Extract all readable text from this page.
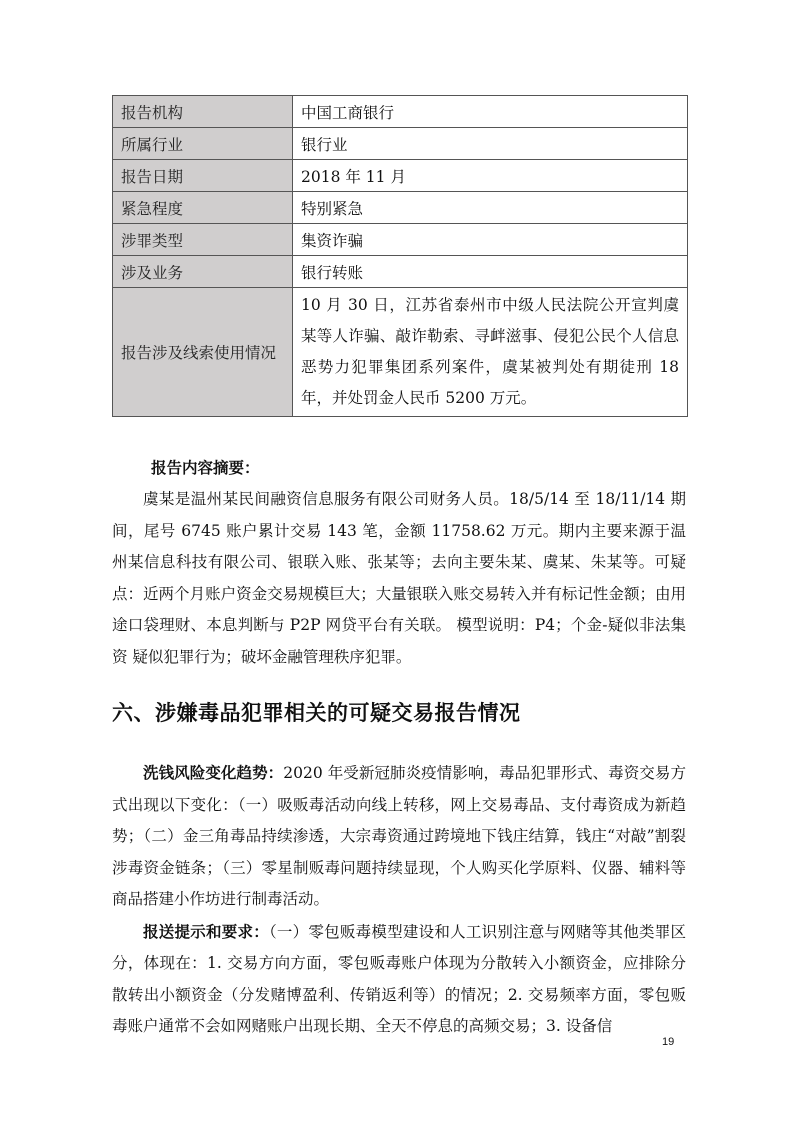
报告机构	中国工商银行
所属行业	银行业
报告日期	2018 年 11 月
紧急程度	特别紧急
涉罪类型	集资诈骗
涉及业务	银行转账
报告涉及线索使用情况	10 月 30 日，江苏省泰州市中级人民法院公开宣判虞某等人诈骗、敲诈勒索、寻衅滋事、侵犯公民个人信息恶势力犯罪集团系列案件，虞某被判处有期徒刑 18 年，并处罚金人民币 5200 万元。
报告内容摘要：

虞某是温州某民间融资信息服务有限公司财务人员。18/5/14 至 18/11/14 期间，尾号 6745 账户累计交易 143 笔，金额 11758.62 万元。期内主要来源于温州某信息科技有限公司、银联入账、张某等；去向主要朱某、虞某、朱某等。可疑点：近两个月账户资金交易规模巨大；大量银联入账交易转入并有标记性金额；由用途口袋理财、本息判断与 P2P 网贷平台有关联。 模型说明：P4；个金-疑似非法集资 疑似犯罪行为；破坏金融管理秩序犯罪。

六、涉嫌毒品犯罪相关的可疑交易报告情况

洗钱风险变化趋势：2020 年受新冠肺炎疫情影响，毒品犯罪形式、毒资交易方式出现以下变化：（一）吸贩毒活动向线上转移，网上交易毒品、支付毒资成为新趋势；（二）金三角毒品持续渗透，大宗毒资通过跨境地下钱庄结算，钱庄“对敲”割裂涉毒资金链条；（三）零星制贩毒问题持续显现，个人购买化学原料、仪器、辅料等商品搭建小作坊进行制毒活动。

报送提示和要求：（一）零包贩毒模型建设和人工识别注意与网赌等其他类罪区分，体现在：1. 交易方向方面，零包贩毒账户体现为分散转入小额资金，应排除分散转出小额资金（分发赌博盈利、传销返利等）的情况；2. 交易频率方面，零包贩毒账户通常不会如网赌账户出现长期、全天不停息的高频交易；3. 设备信

19
